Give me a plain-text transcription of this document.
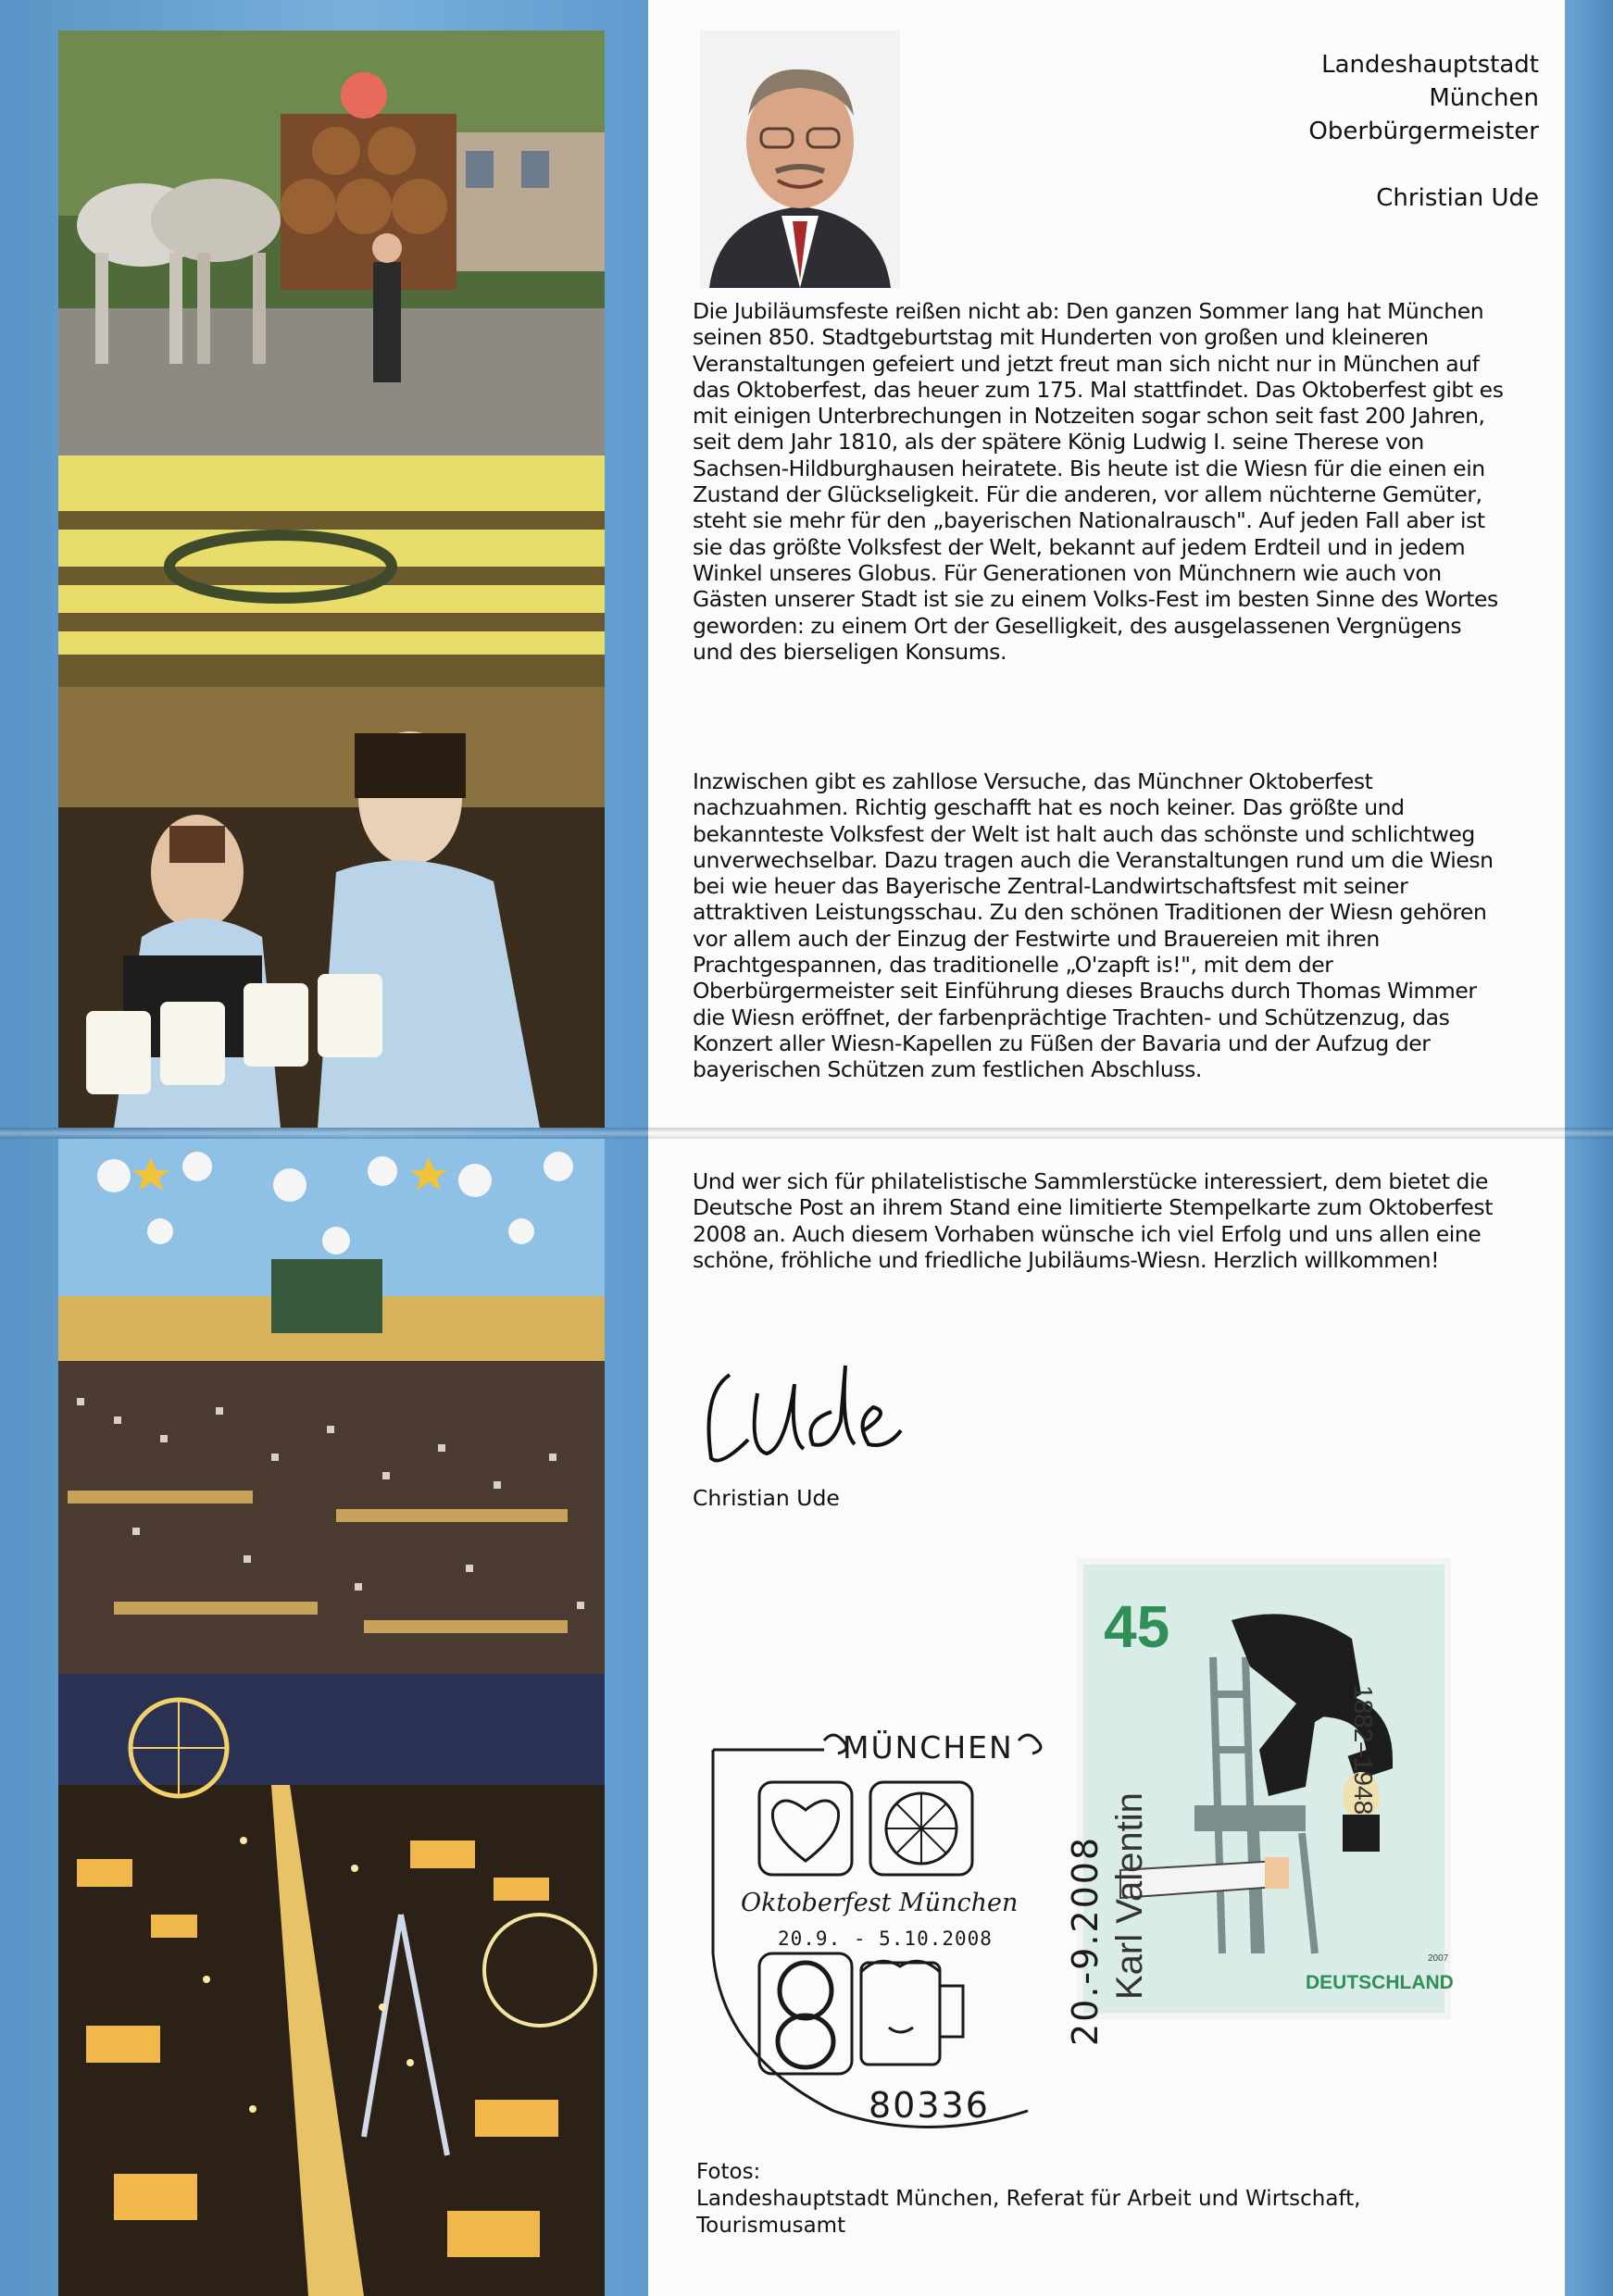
Landeshauptstadt
München
Oberbürgermeister
Christian Ude
Die Jubiläumsfeste reißen nicht ab: Den ganzen Sommer lang hat München seinen 850. Stadtgeburtstag mit Hunderten von großen und kleineren Veranstaltungen gefeiert und jetzt freut man sich nicht nur in München auf das Oktoberfest, das heuer zum 175. Mal stattfindet. Das Oktoberfest gibt es mit einigen Unterbrechungen in Notzeiten sogar schon seit fast 200 Jahren, seit dem Jahr 1810, als der spätere König Ludwig I. seine Therese von Sachsen-Hildburghausen heiratete. Bis heute ist die Wiesn für die einen ein Zustand der Glückseligkeit. Für die anderen, vor allem nüchterne Gemüter, steht sie mehr für den „bayerischen Nationalrausch". Auf jeden Fall aber ist sie das größte Volksfest der Welt, bekannt auf jedem Erdteil und in jedem Winkel unseres Globus. Für Generationen von Münchnern wie auch von Gästen unserer Stadt ist sie zu einem Volks-Fest im besten Sinne des Wortes geworden: zu einem Ort der Geselligkeit, des ausgelassenen Vergnügens und des bierseligen Konsums.
Inzwischen gibt es zahllose Versuche, das Münchner Oktoberfest nachzuahmen. Richtig geschafft hat es noch keiner. Das größte und bekannteste Volksfest der Welt ist halt auch das schönste und schlichtweg unverwechselbar. Dazu tragen auch die Veranstaltungen rund um die Wiesn bei wie heuer das Bayerische Zentral-Landwirtschaftsfest mit seiner attraktiven Leistungsschau. Zu den schönen Traditionen der Wiesn gehören vor allem auch der Einzug der Festwirte und Brauereien mit ihren Prachtgespannen, das traditionelle „O'zapft is!", mit dem der Oberbürgermeister seit Einführung dieses Brauchs durch Thomas Wimmer die Wiesn eröffnet, der farbenprächtige Trachten- und Schützenzug, das Konzert aller Wiesn-Kapellen zu Füßen der Bavaria und der Aufzug der bayerischen Schützen zum festlichen Abschluss.
Und wer sich für philatelistische Sammlerstücke interessiert, dem bietet die Deutsche Post an ihrem Stand eine limitierte Stempelkarte zum Oktoberfest 2008 an. Auch diesem Vorhaben wünsche ich viel Erfolg und uns allen eine schöne, fröhliche und friedliche Jubiläums-Wiesn. Herzlich willkommen!
Christian Ude
MÜNCHEN
Oktoberfest München
20.9. - 5.10.2008
80336
45
1882–1948
Karl Valentin	DEUTSCHLAND
2007
20.-9.2008
Fotos:
Landeshauptstadt München, Referat für Arbeit und Wirtschaft,
Tourismusamt
